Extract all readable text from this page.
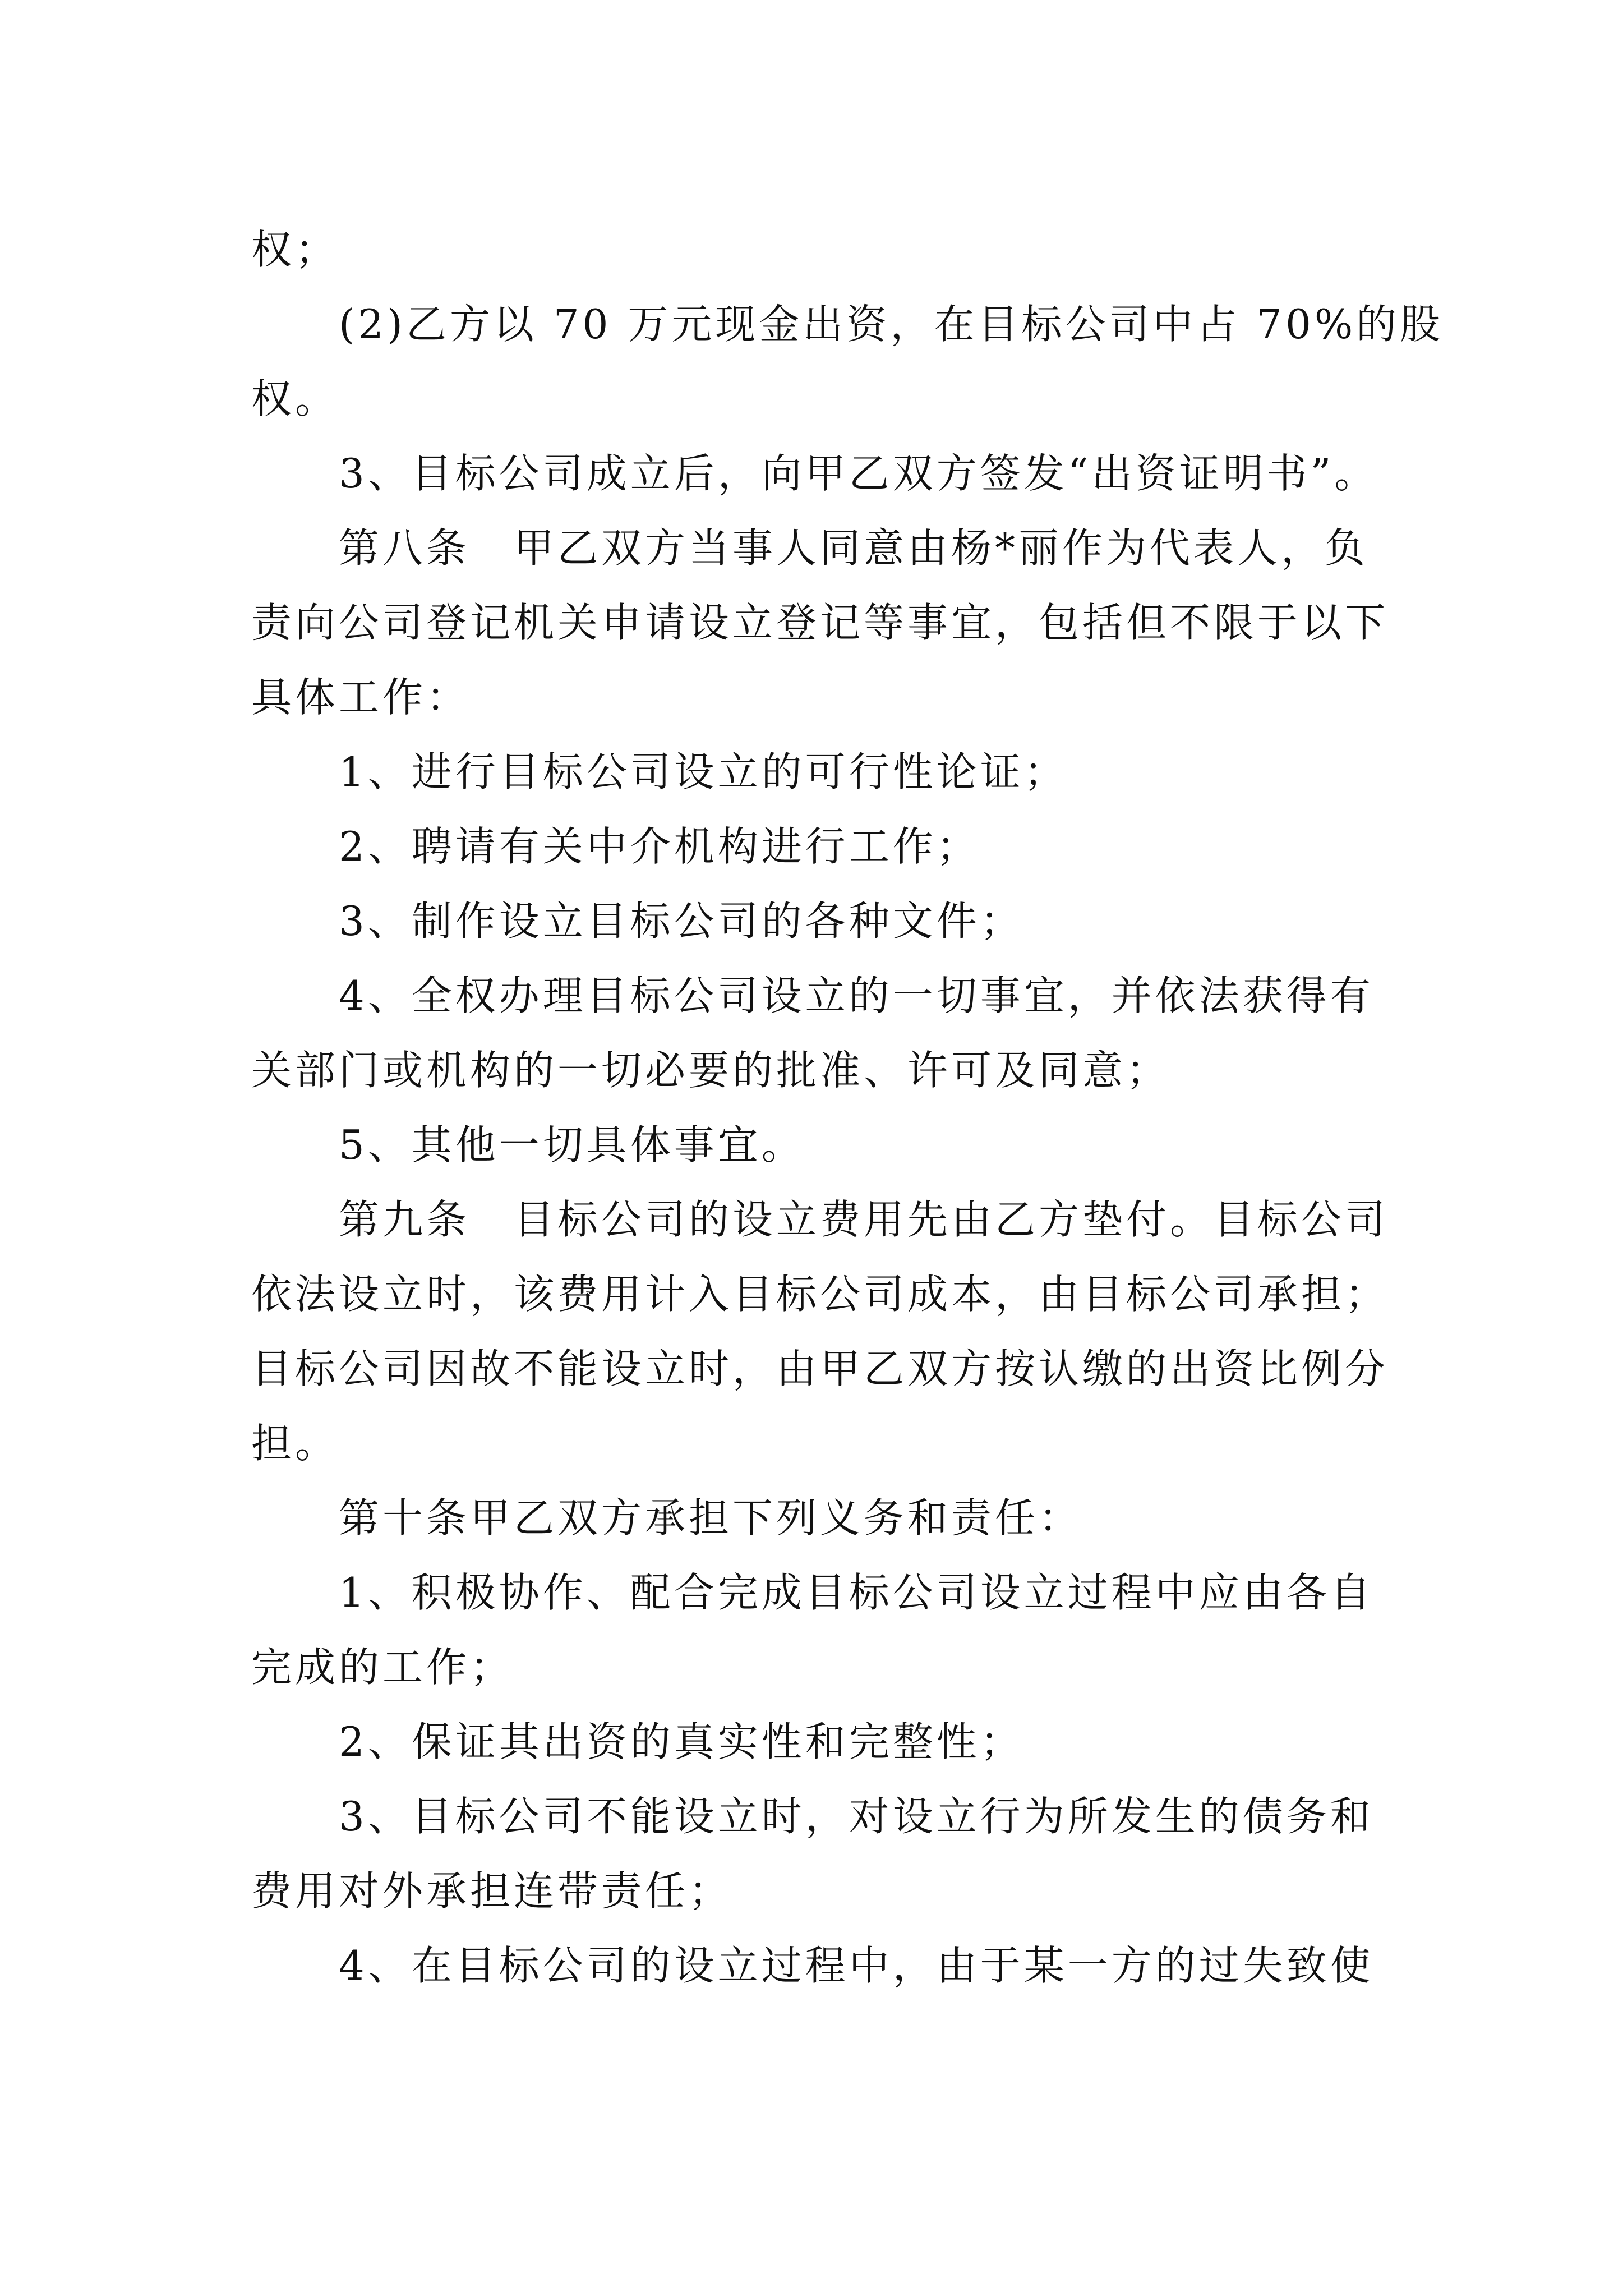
权；
(2)乙方以 70 万元现金出资，在目标公司中占 70%的股
权。
3、目标公司成立后，向甲乙双方签发“出资证明书”。
第八条　甲乙双方当事人同意由杨*丽作为代表人，负
责向公司登记机关申请设立登记等事宜，包括但不限于以下
具体工作：
1、进行目标公司设立的可行性论证；
2、聘请有关中介机构进行工作；
3、制作设立目标公司的各种文件；
4、全权办理目标公司设立的一切事宜，并依法获得有
关部门或机构的一切必要的批准、许可及同意；
5、其他一切具体事宜。
第九条　目标公司的设立费用先由乙方垫付。目标公司
依法设立时，该费用计入目标公司成本，由目标公司承担；
目标公司因故不能设立时，由甲乙双方按认缴的出资比例分
担。
第十条甲乙双方承担下列义务和责任：
1、积极协作、配合完成目标公司设立过程中应由各自
完成的工作；
2、保证其出资的真实性和完整性；
3、目标公司不能设立时，对设立行为所发生的债务和
费用对外承担连带责任；
4、在目标公司的设立过程中，由于某一方的过失致使
